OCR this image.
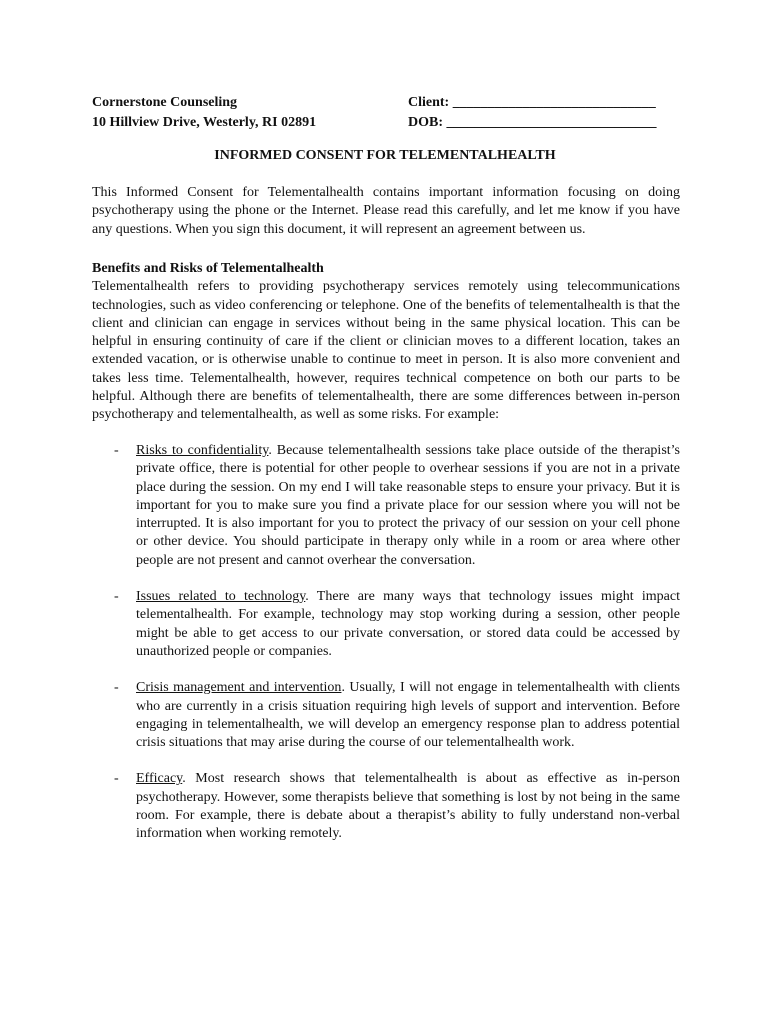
Cornerstone Counseling
10 Hillview Drive, Westerly, RI 02891
Client: _____________________________
DOB: ______________________________
INFORMED CONSENT FOR TELEMENTALHEALTH
This Informed Consent for Telementalhealth contains important information focusing on doing psychotherapy using the phone or the Internet. Please read this carefully, and let me know if you have any questions. When you sign this document, it will represent an agreement between us.
Benefits and Risks of Telementalhealth

Telementalhealth refers to providing psychotherapy services remotely using telecommunications technologies, such as video conferencing or telephone. One of the benefits of telementalhealth is that the client and clinician can engage in services without being in the same physical location. This can be helpful in ensuring continuity of care if the client or clinician moves to a different location, takes an extended vacation, or is otherwise unable to continue to meet in person. It is also more convenient and takes less time. Telementalhealth, however, requires technical competence on both our parts to be helpful. Although there are benefits of telementalhealth, there are some differences between in-person psychotherapy and telementalhealth, as well as some risks. For example:

- Risks to confidentiality. Because telementalhealth sessions take place outside of the therapist’s private office, there is potential for other people to overhear sessions if you are not in a private place during the session. On my end I will take reasonable steps to ensure your privacy. But it is important for you to make sure you find a private place for our session where you will not be interrupted. It is also important for you to protect the privacy of our session on your cell phone or other device. You should participate in therapy only while in a room or area where other people are not present and cannot overhear the conversation.
- Issues related to technology. There are many ways that technology issues might impact telementalhealth. For example, technology may stop working during a session, other people might be able to get access to our private conversation, or stored data could be accessed by unauthorized people or companies.
- Crisis management and intervention. Usually, I will not engage in telementalhealth with clients who are currently in a crisis situation requiring high levels of support and intervention. Before engaging in telementalhealth, we will develop an emergency response plan to address potential crisis situations that may arise during the course of our telementalhealth work.
- Efficacy. Most research shows that telementalhealth is about as effective as in-person psychotherapy. However, some therapists believe that something is lost by not being in the same room. For example, there is debate about a therapist’s ability to fully understand non-verbal information when working remotely.
